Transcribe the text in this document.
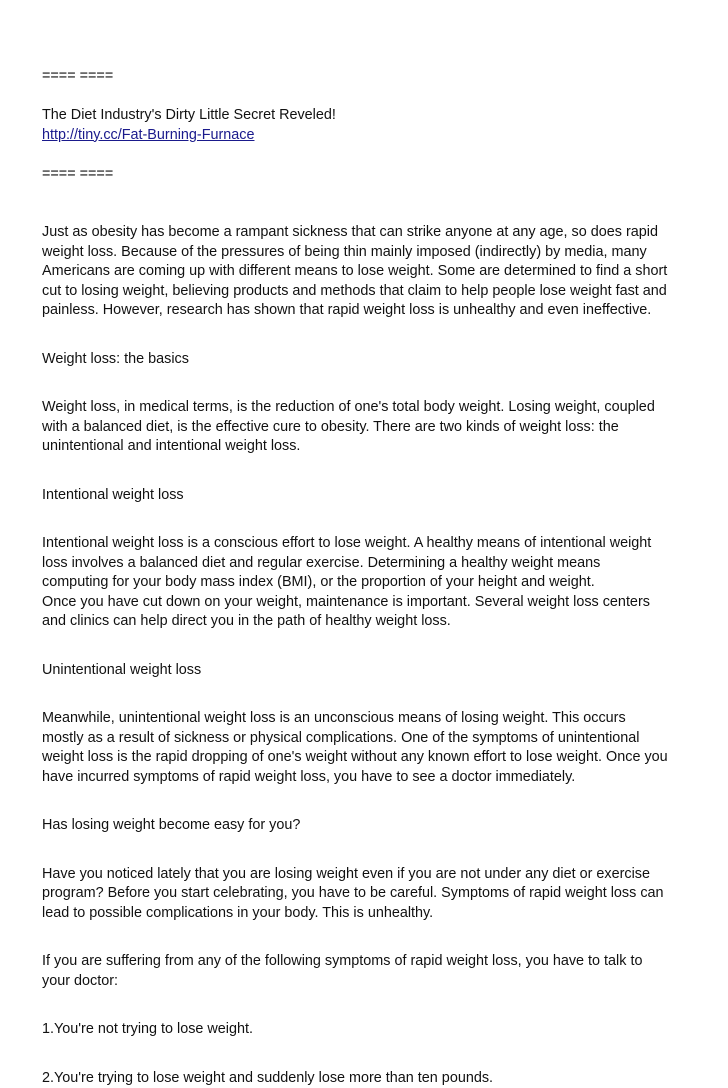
==== ====
The Diet Industry's Dirty Little Secret Reveled!
http://tiny.cc/Fat-Burning-Furnace
==== ====
Just as obesity has become a rampant sickness that can strike anyone at any age, so does rapid
weight loss. Because of the pressures of being thin mainly imposed (indirectly) by media, many
Americans are coming up with different means to lose weight. Some are determined to find a short
cut to losing weight, believing products and methods that claim to help people lose weight fast and
painless. However, research has shown that rapid weight loss is unhealthy and even ineffective.
Weight loss: the basics
Weight loss, in medical terms, is the reduction of one's total body weight. Losing weight, coupled
with a balanced diet, is the effective cure to obesity. There are two kinds of weight loss: the
unintentional and intentional weight loss.
Intentional weight loss
Intentional weight loss is a conscious effort to lose weight. A healthy means of intentional weight
loss involves a balanced diet and regular exercise. Determining a healthy weight means
computing for your body mass index (BMI), or the proportion of your height and weight.
Once you have cut down on your weight, maintenance is important. Several weight loss centers
and clinics can help direct you in the path of healthy weight loss.
Unintentional weight loss
Meanwhile, unintentional weight loss is an unconscious means of losing weight. This occurs
mostly as a result of sickness or physical complications. One of the symptoms of unintentional
weight loss is the rapid dropping of one's weight without any known effort to lose weight. Once you
have incurred symptoms of rapid weight loss, you have to see a doctor immediately.
Has losing weight become easy for you?
Have you noticed lately that you are losing weight even if you are not under any diet or exercise
program? Before you start celebrating, you have to be careful. Symptoms of rapid weight loss can
lead to possible complications in your body. This is unhealthy.
If you are suffering from any of the following symptoms of rapid weight loss, you have to talk to
your doctor:
1.You're not trying to lose weight.
2.You're trying to lose weight and suddenly lose more than ten pounds.
